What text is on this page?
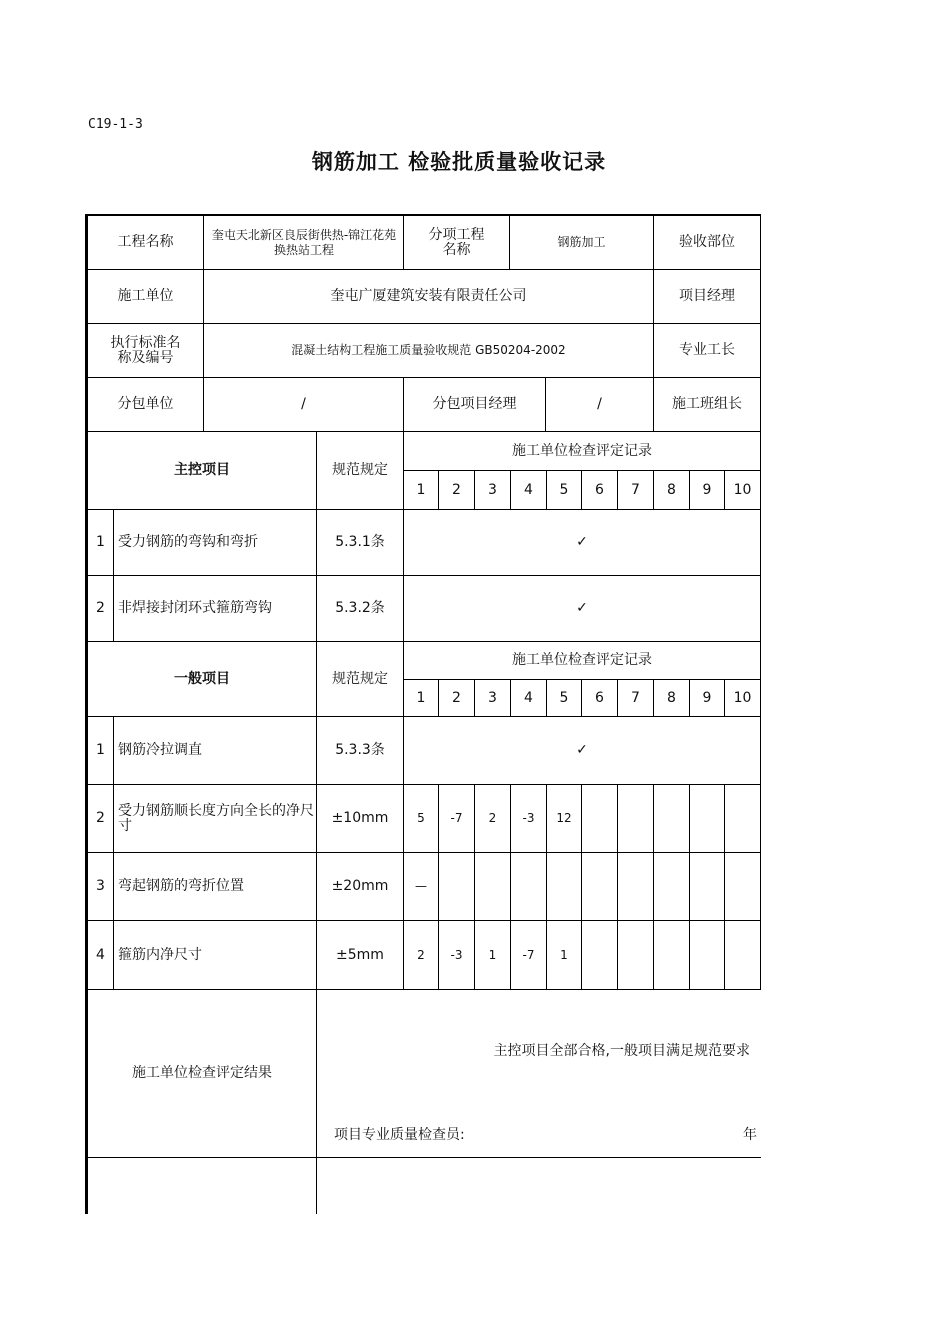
C19-1-3
钢筋加工 检验批质量验收记录
工程名称	奎屯天北新区良辰街供热-锦江花苑换热站工程
分项工程名称	钢筋加工	验收部位
施工单位	奎屯广厦建筑安装有限责任公司	项目经理
执行标准名称及编号	混凝土结构工程施工质量验收规范 GB50204-2002	专业工长
分包单位	/	分包项目经理	/	施工班组长
主控项目	规范规定
施工单位检查评定记录
1	2	3	4	5	6	7	8	9	10
1 受力钢筋的弯钩和弯折	5.3.1条	✓
2 非焊接封闭环式箍筋弯钩	5.3.2条	✓
一般项目	规范规定
施工单位检查评定记录
1	2	3	4	5	6	7	8	9	10
1 钢筋冷拉调直	5.3.3条	✓
2 受力钢筋顺长度方向全长的净尺寸	±10mm	5	-7	2	-3	12
3 弯起钢筋的弯折位置	±20mm	—
4 箍筋内净尺寸	±5mm	2	-3	1	-7	1
施工单位检查评定结果
主控项目全部合格,一般项目满足规范要求
项目专业质量检查员:	年
